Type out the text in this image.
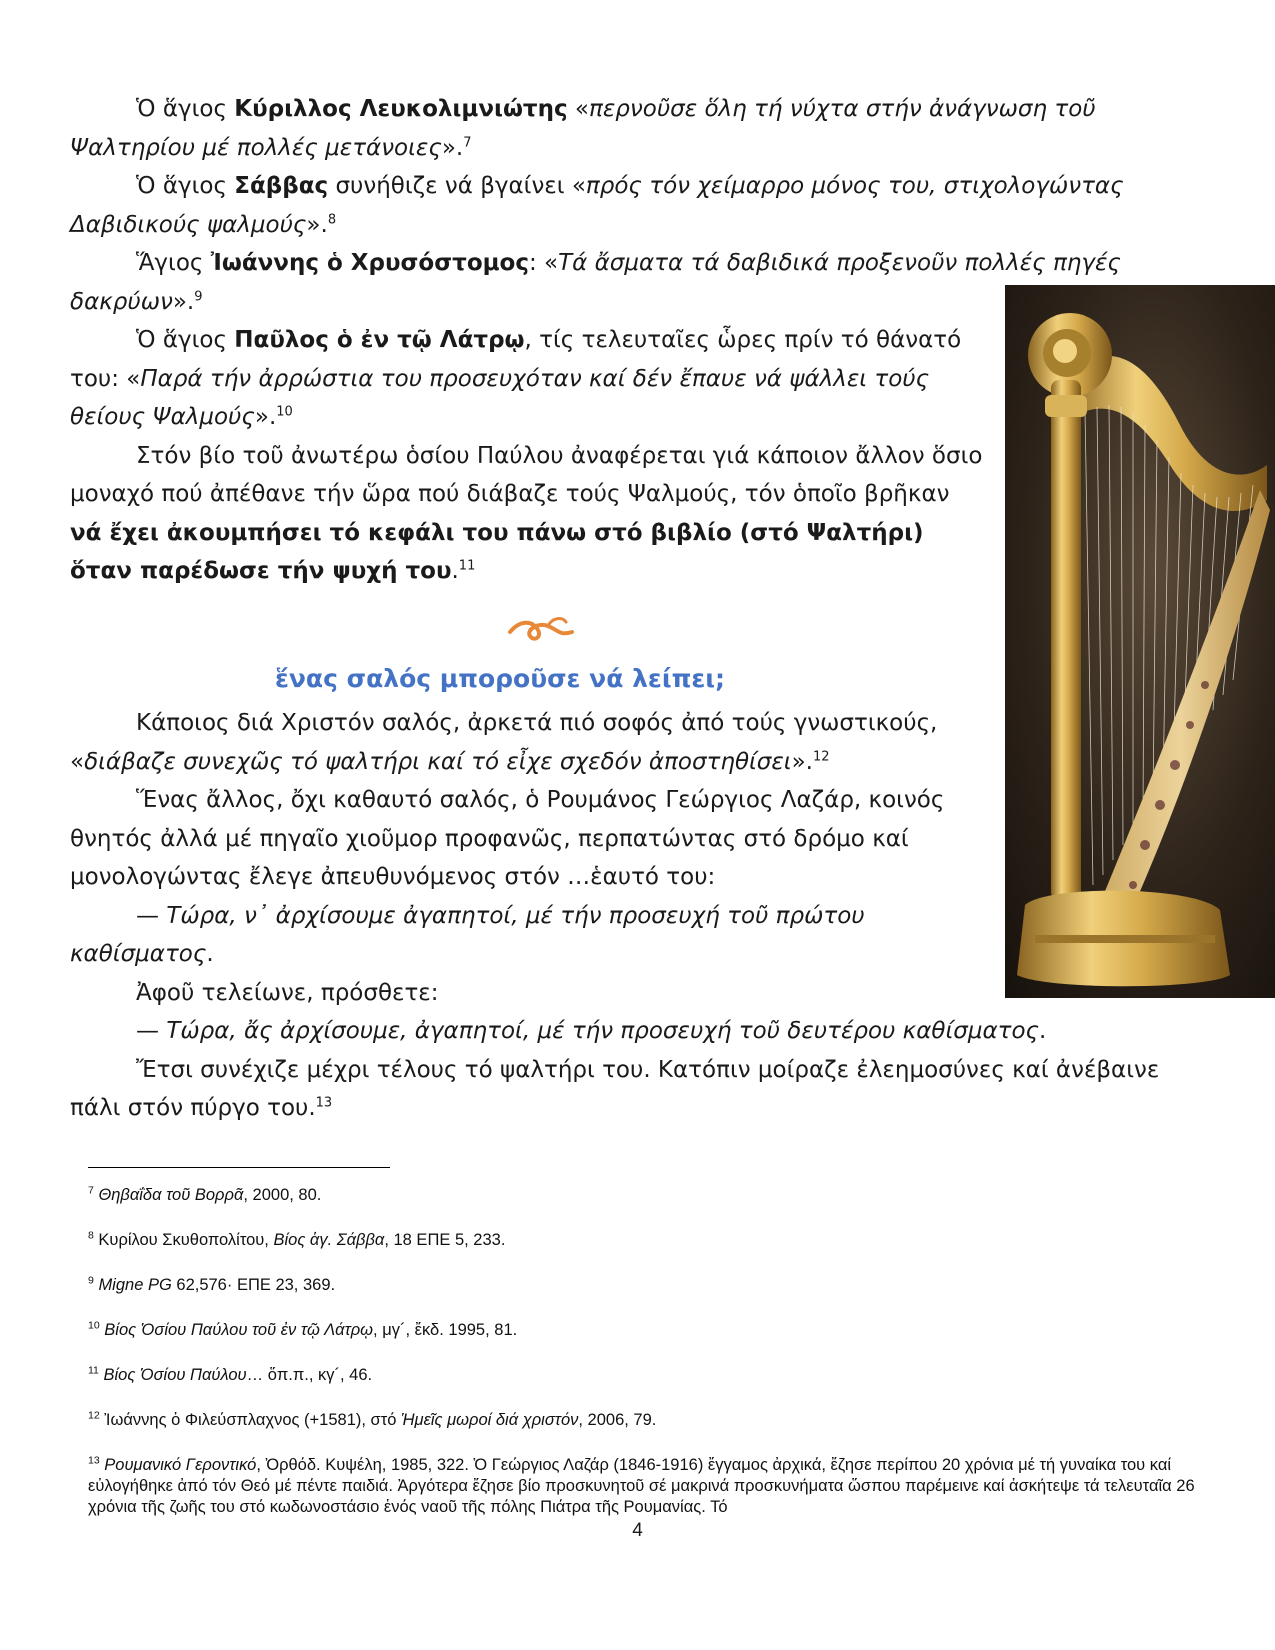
Ὁ ἅγιος Κύριλλος Λευκολιμνιώτης «περνοῦσε ὅλη τή νύχτα στήν ἀνάγνωση τοῦ Ψαλτηρίου μέ πολλές μετάνοιες».$^7$

Ὁ ἅγιος Σάββας συνήθιζε νά βγαίνει «πρός τόν χείμαρρο μόνος του, στιχολογώντας Δαβιδικούς ψαλμούς».$^8$

Ἅγιος Ἰωάννης ὁ Χρυσόστομος: «Τά ἄσματα τά δαβιδικά προξενοῦν πολλές πηγές δακρύων».$^9$

Ὁ ἅγιος Παῦλος ὁ ἐν τῷ Λάτρῳ, τίς τελευταῖες ὧρες πρίν τό θάνατό του: «Παρά τήν ἀρρώστια του προσευχόταν καί δέν ἔπαυε νά ψάλλει τούς θείους Ψαλμούς».$^{10}$

Στόν βίο τοῦ ἀνωτέρω ὁσίου Παύλου ἀναφέρεται γιά κάποιον ἄλλον ὅσιο μοναχό πού ἀπέθανε τήν ὥρα πού διάβαζε τούς Ψαλμούς, τόν ὁποῖο βρῆκαν νά ἔχει ἀκουμπήσει τό κεφάλι του πάνω στό βιβλίο (στό Ψαλτήρι) ὅταν παρέδωσε τήν ψυχή του.$^{11}$

ἕνας σαλός μποροῦσε νά λείπει;

Κάποιος διά Χριστόν σαλός, ἀρκετά πιό σοφός ἀπό τούς γνωστικούς, «διάβαζε συνεχῶς τό ψαλτήρι καί τό εἶχε σχεδόν ἀποστηθίσει».$^{12}$

Ἕνας ἄλλος, ὄχι καθαυτό σαλός, ὁ Ρουμάνος Γεώργιος Λαζάρ, κοινός θνητός ἀλλά μέ πηγαῖο χιοῦμορ προφανῶς, περπατώντας στό δρόμο καί μονολογώντας ἔλεγε ἀπευθυνόμενος στόν …ἑαυτό του:

— Τώρα, ν᾽ ἀρχίσουμε ἀγαπητοί, μέ τήν προσευχή τοῦ πρώτου καθίσματος.

Ἀφοῦ τελείωνε, πρόσθετε:

— Τώρα, ἄς ἀρχίσουμε, ἀγαπητοί, μέ τήν προσευχή τοῦ δευτέρου καθίσματος.

Ἔτσι συνέχιζε μέχρι τέλους τό ψαλτήρι του. Κατόπιν μοίραζε ἐλεημοσύνες καί ἀνέβαινε πάλι στόν πύργο του.$^{13}$

$^7$ Θηβαΐδα τοῦ Βορρᾶ, 2000, 80.

$^8$ Κυρίλου Σκυθοπολίτου, Βίος ἁγ. Σάββα, 18 ΕΠΕ 5, 233.

$^9$ Migne PG 62,576· ΕΠΕ 23, 369.

$^{10}$ Βίος Ὁσίου Παύλου τοῦ ἐν τῷ Λάτρῳ, μγ´, ἔκδ. 1995, 81.

$^{11}$ Βίος Ὁσίου Παύλου… ὅπ.π., κγ´, 46.

$^{12}$ Ἰωάννης ὁ Φιλεύσπλαχνος (+1581), στό Ἡμεῖς μωροί διά χριστόν, 2006, 79.

$^{13}$ Ρουμανικό Γεροντικό, Ὀρθόδ. Κυψέλη, 1985, 322. Ὁ Γεώργιος Λαζάρ (1846-1916) ἔγγαμος ἀρχικά, ἔζησε περίπου 20 χρόνια μέ τή γυναίκα του καί εὐλογήθηκε ἀπό τόν Θεό μέ πέντε παιδιά. Ἀργότερα ἔζησε βίο προσκυνητοῦ σέ μακρινά προσκυνήματα ὥσπου παρέμεινε καί ἀσκήτεψε τά τελευταῖα 26 χρόνια τῆς ζωῆς του στό κωδωνοστάσιο ἑνός ναοῦ τῆς πόλης Πιάτρα τῆς Ρουμανίας. Τό

4
